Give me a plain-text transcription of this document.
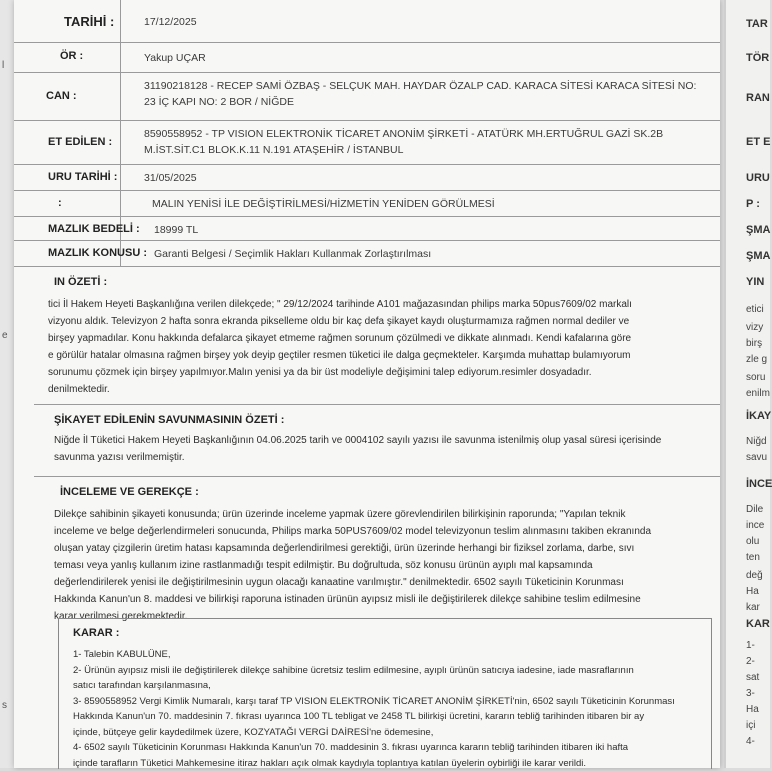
l
e
s
TARİHİ :	17/12/2025
ÖR :	Yakup UÇAR
CAN :
31190218128 - RECEP SAMİ ÖZBAŞ - SELÇUK MAH. HAYDAR ÖZALP CAD. KARACA SİTESİ KARACA SİTESİ NO: 23 İÇ KAPI NO: 2 BOR / NİĞDE
ET EDİLEN :
8590558952 - TP VISION ELEKTRONİK TİCARET ANONİM ŞİRKETİ - ATATÜRK MH.ERTUĞRUL GAZİ SK.2B M.İST.SİT.C1 BLOK.K.11 N.191 ATAŞEHİR / İSTANBUL
URU TARİHİ :	31/05/2025
:	MALIN YENİSİ İLE DEĞİŞTİRİLMESİ/HİZMETİN YENİDEN GÖRÜLMESİ
MAZLIK BEDELİ : 18999 TL
MAZLIK KONUSU : Garanti Belgesi / Seçimlik Hakları Kullanmak Zorlaştırılması
IN ÖZETİ :
tici İl Hakem Heyeti Başkanlığına verilen dilekçede; " 29/12/2024 tarihinde A101 mağazasından philips marka 50pus7609/02 markalı
vizyonu aldık. Televizyon 2 hafta sonra ekranda pikselleme oldu bir kaç defa şikayet kaydı oluşturmamıza rağmen normal dediler ve
birşey yapmadılar. Konu hakkında defalarca şikayet etmeme rağmen sorunum çözülmedi ve dikkate alınmadı. Kendi kafalarına göre
e görülür hatalar olmasına rağmen birşey yok deyip geçtiler resmen tüketici ile dalga geçmekteler. Karşımda muhattap bulamıyorum
sorunumu çözmek için birşey yapılmıyor.Malın yenisi ya da bir üst modeliyle değişimini talep ediyorum.resimler dosyadadır.
denilmektedir.
ŞİKAYET EDİLENİN SAVUNMASININ ÖZETİ :
Niğde İl Tüketici Hakem Heyeti Başkanlığının 04.06.2025 tarih ve 0004102 sayılı yazısı ile savunma istenilmiş olup yasal süresi içerisinde
savunma yazısı verilmemiştir.
İNCELEME VE GEREKÇE :
Dilekçe sahibinin şikayeti konusunda; ürün üzerinde inceleme yapmak üzere görevlendirilen bilirkişinin raporunda; "Yapılan teknik
inceleme ve belge değerlendirmeleri sonucunda, Philips marka 50PUS7609/02 model televizyonun teslim alınmasını takiben ekranında
oluşan yatay çizgilerin üretim hatası kapsamında değerlendirilmesi gerektiği, ürün üzerinde herhangi bir fiziksel zorlama, darbe, sıvı
teması veya yanlış kullanım izine rastlanmadığı tespit edilmiştir. Bu doğrultuda, söz konusu ürünün ayıplı mal kapsamında
değerlendirilerek yenisi ile değiştirilmesinin uygun olacağı kanaatine varılmıştır." denilmektedir. 6502 sayılı Tüketicinin Korunması
Hakkında Kanun'un 8. maddesi ve bilirkişi raporuna istinaden ürünün ayıpsız misli ile değiştirilerek dilekçe sahibine teslim edilmesine
karar verilmesi gerekmektedir.
KARAR :
1- Talebin KABULÜNE,
2- Ürünün ayıpsız misli ile değiştirilerek dilekçe sahibine ücretsiz teslim edilmesine, ayıplı ürünün satıcıya iadesine, iade masraflarının
satıcı tarafından karşılanmasına,
3- 8590558952 Vergi Kimlik Numaralı, karşı taraf TP VISION ELEKTRONİK TİCARET ANONİM ŞİRKETİ'nin, 6502 sayılı Tüketicinin Korunması
Hakkında Kanun'un 70. maddesinin 7. fıkrası uyarınca 100 TL tebligat ve 2458 TL bilirkişi ücretini, kararın tebliğ tarihinden itibaren bir ay
içinde, bütçeye gelir kaydedilmek üzere, KOZYATAĞI VERGİ DAİRESİ'ne ödemesine,
4- 6502 sayılı Tüketicinin Korunması Hakkında Kanun'un 70. maddesinin 3. fıkrası uyarınca kararın tebliğ tarihinden itibaren iki hafta
içinde tarafların Tüketici Mahkemesine itiraz hakları açık olmak kaydıyla toplantıya katılan üyelerin oybirliği ile karar verildi.
TAR
TÖR
RAN
ET E
URU
P :
ŞMA
ŞMA
YIN
etici
vizy
birş
zle g
soru
enilm
İKAY
Niğd
savu
İNCE
Dile
ince
olu
ten
değ
Ha
kar
KAR
1-
2-
sat
3-
Ha
içi
4-
